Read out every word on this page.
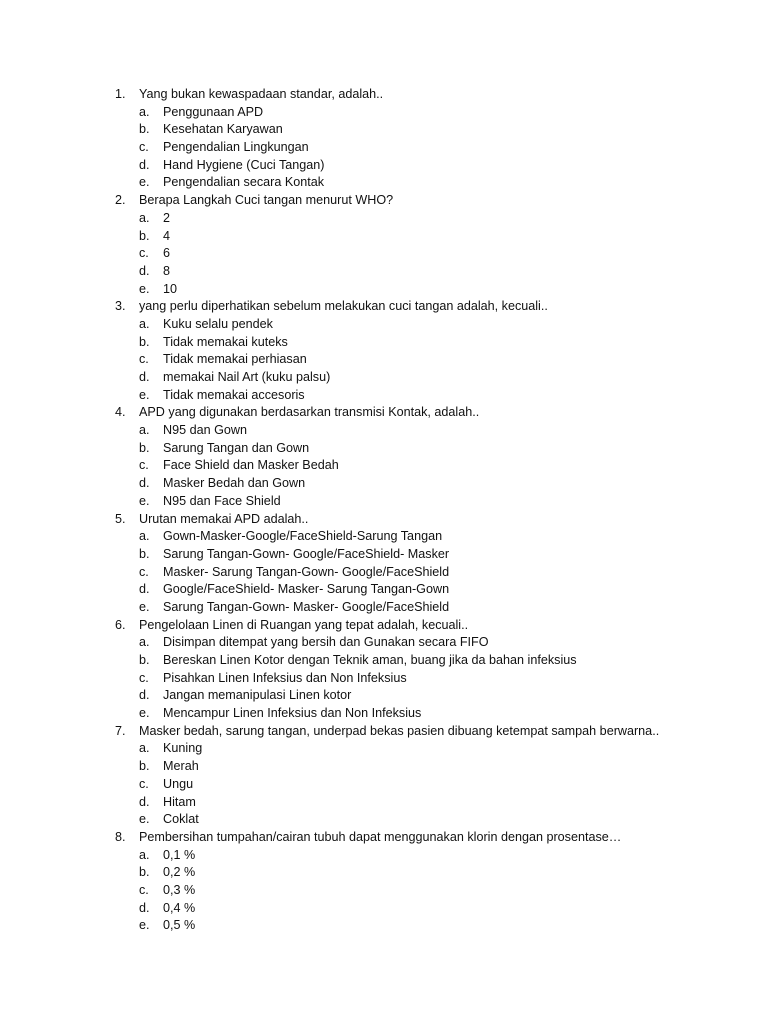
1. Yang bukan kewaspadaan standar, adalah..
a. Penggunaan APD
b. Kesehatan Karyawan
c. Pengendalian Lingkungan
d. Hand Hygiene (Cuci Tangan)
e. Pengendalian secara Kontak
2. Berapa Langkah Cuci tangan menurut WHO?
a. 2
b. 4
c. 6
d. 8
e. 10
3. yang perlu diperhatikan sebelum melakukan cuci tangan adalah, kecuali..
a. Kuku selalu pendek
b. Tidak memakai kuteks
c. Tidak memakai perhiasan
d. memakai Nail Art (kuku palsu)
e. Tidak memakai accesoris
4. APD yang digunakan berdasarkan transmisi Kontak, adalah..
a. N95 dan Gown
b. Sarung Tangan dan Gown
c. Face Shield dan Masker Bedah
d. Masker Bedah dan Gown
e. N95 dan Face Shield
5. Urutan memakai APD adalah..
a. Gown-Masker-Google/FaceShield-Sarung Tangan
b. Sarung Tangan-Gown- Google/FaceShield- Masker
c. Masker- Sarung Tangan-Gown- Google/FaceShield
d. Google/FaceShield- Masker- Sarung Tangan-Gown
e. Sarung Tangan-Gown- Masker- Google/FaceShield
6. Pengelolaan Linen di Ruangan yang tepat adalah, kecuali..
a. Disimpan ditempat yang bersih dan Gunakan secara FIFO
b. Bereskan Linen Kotor dengan Teknik aman, buang jika da bahan infeksius
c. Pisahkan Linen Infeksius dan Non Infeksius
d. Jangan memanipulasi Linen kotor
e. Mencampur Linen Infeksius dan Non Infeksius
7. Masker bedah, sarung tangan, underpad bekas pasien dibuang ketempat sampah berwarna..
a. Kuning
b. Merah
c. Ungu
d. Hitam
e. Coklat
8. Pembersihan tumpahan/cairan tubuh dapat menggunakan klorin dengan prosentase…
a. 0,1 %
b. 0,2 %
c. 0,3 %
d. 0,4 %
e. 0,5 %
